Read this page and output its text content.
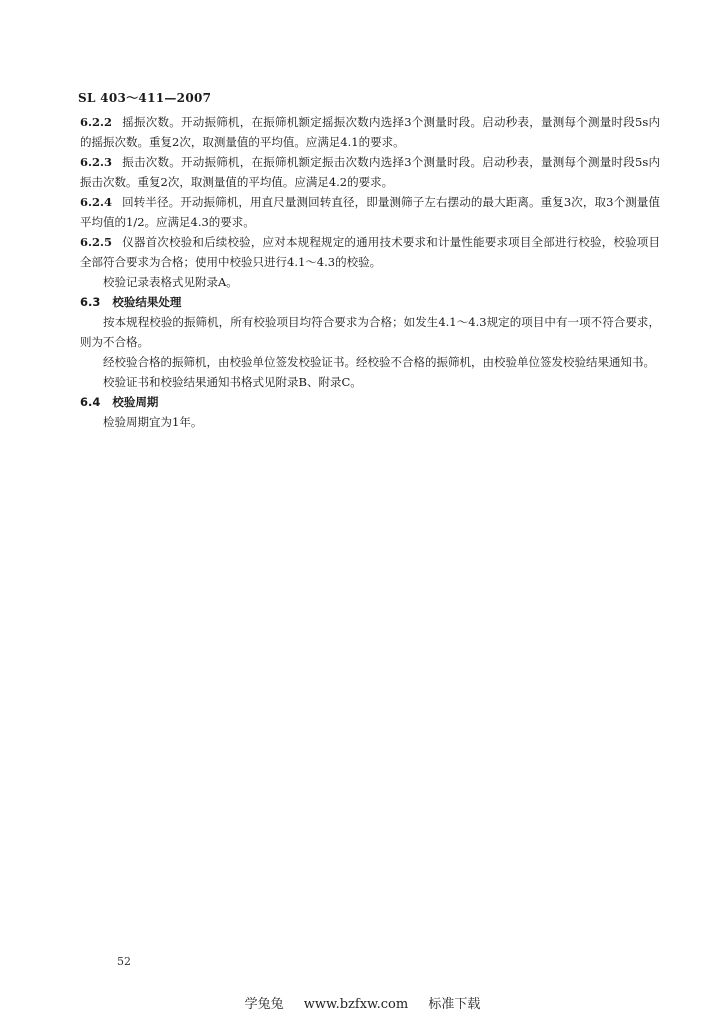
SL 403～411—2007

6.2.2 摇振次数。开动振筛机，在振筛机额定摇振次数内选择3个测量时段。启动秒表，量测每个测量时段5s内的摇振次数。重复2次，取测量值的平均值。应满足4.1的要求。

6.2.3 振击次数。开动振筛机，在振筛机额定振击次数内选择3个测量时段。启动秒表，量测每个测量时段5s内振击次数。重复2次，取测量值的平均值。应满足4.2的要求。

6.2.4 回转半径。开动振筛机，用直尺量测回转直径，即量测筛子左右摆动的最大距离。重复3次，取3个测量值平均值的1/2。应满足4.3的要求。

6.2.5 仪器首次校验和后续校验，应对本规程规定的通用技术要求和计量性能要求项目全部进行校验，校验项目全部符合要求为合格；使用中校验只进行4.1～4.3的校验。

校验记录表格式见附录A。

6.3 校验结果处理

按本规程校验的振筛机，所有校验项目均符合要求为合格；如发生4.1～4.3规定的项目中有一项不符合要求，则为不合格。

经校验合格的振筛机，由校验单位签发校验证书。经校验不合格的振筛机，由校验单位签发校验结果通知书。

校验证书和校验结果通知书格式见附录B、附录C。

6.4 校验周期

检验周期宜为1年。

52
学兔兔 www.bzfxw.com 标准下载
